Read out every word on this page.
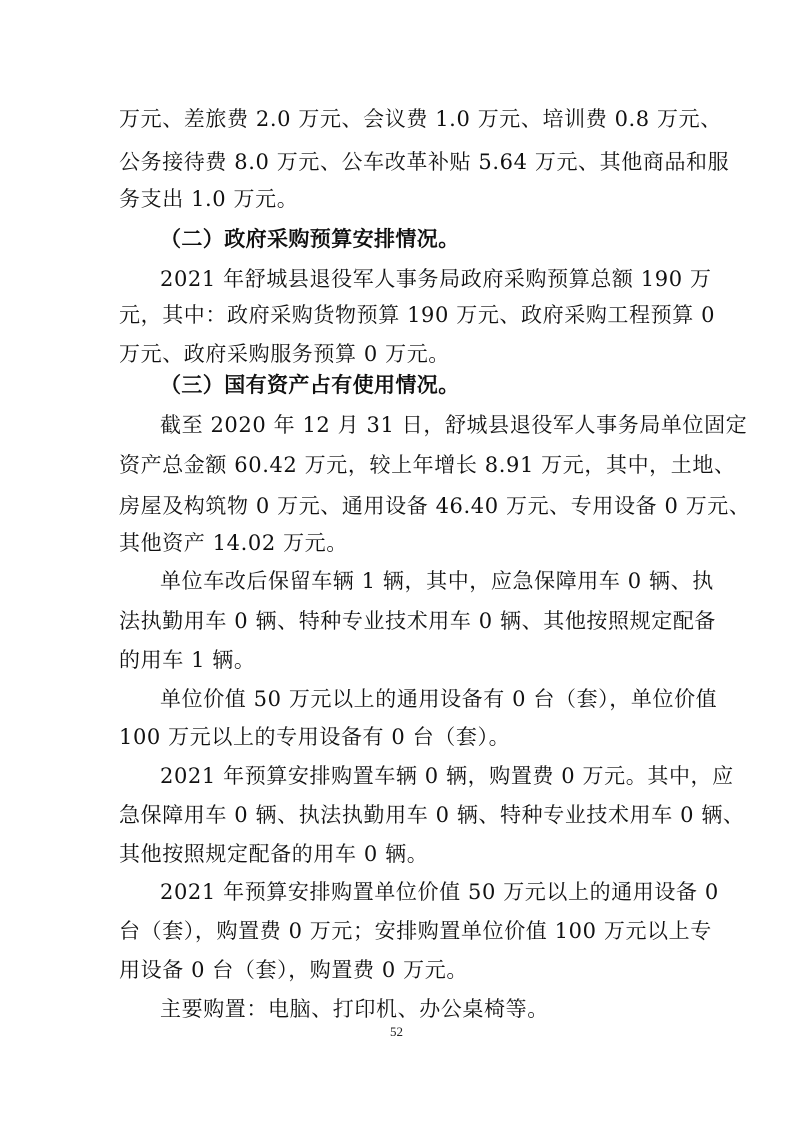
万元、差旅费 2.0 万元、会议费 1.0 万元、培训费 0.8 万元、
公务接待费 8.0 万元、公车改革补贴 5.64 万元、其他商品和服
务支出 1.0 万元。
（二）政府采购预算安排情况。
2021 年舒城县退役军人事务局政府采购预算总额 190 万
元，其中：政府采购货物预算 190 万元、政府采购工程预算 0
万元、政府采购服务预算 0 万元。
（三）国有资产占有使用情况。
截至 2020 年 12 月 31 日，舒城县退役军人事务局单位固定
资产总金额 60.42 万元，较上年增长 8.91 万元，其中，土地、
房屋及构筑物 0 万元、通用设备 46.40 万元、专用设备 0 万元、
其他资产 14.02 万元。
单位车改后保留车辆 1 辆，其中，应急保障用车 0 辆、执
法执勤用车 0 辆、特种专业技术用车 0 辆、其他按照规定配备
的用车 1 辆。
单位价值 50 万元以上的通用设备有 0 台（套），单位价值
100 万元以上的专用设备有 0 台（套）。
2021 年预算安排购置车辆 0 辆，购置费 0 万元。其中，应
急保障用车 0 辆、执法执勤用车 0 辆、特种专业技术用车 0 辆、
其他按照规定配备的用车 0 辆。
2021 年预算安排购置单位价值 50 万元以上的通用设备 0
台（套），购置费 0 万元；安排购置单位价值 100 万元以上专
用设备 0 台（套），购置费 0 万元。
主要购置：电脑、打印机、办公桌椅等。
52
